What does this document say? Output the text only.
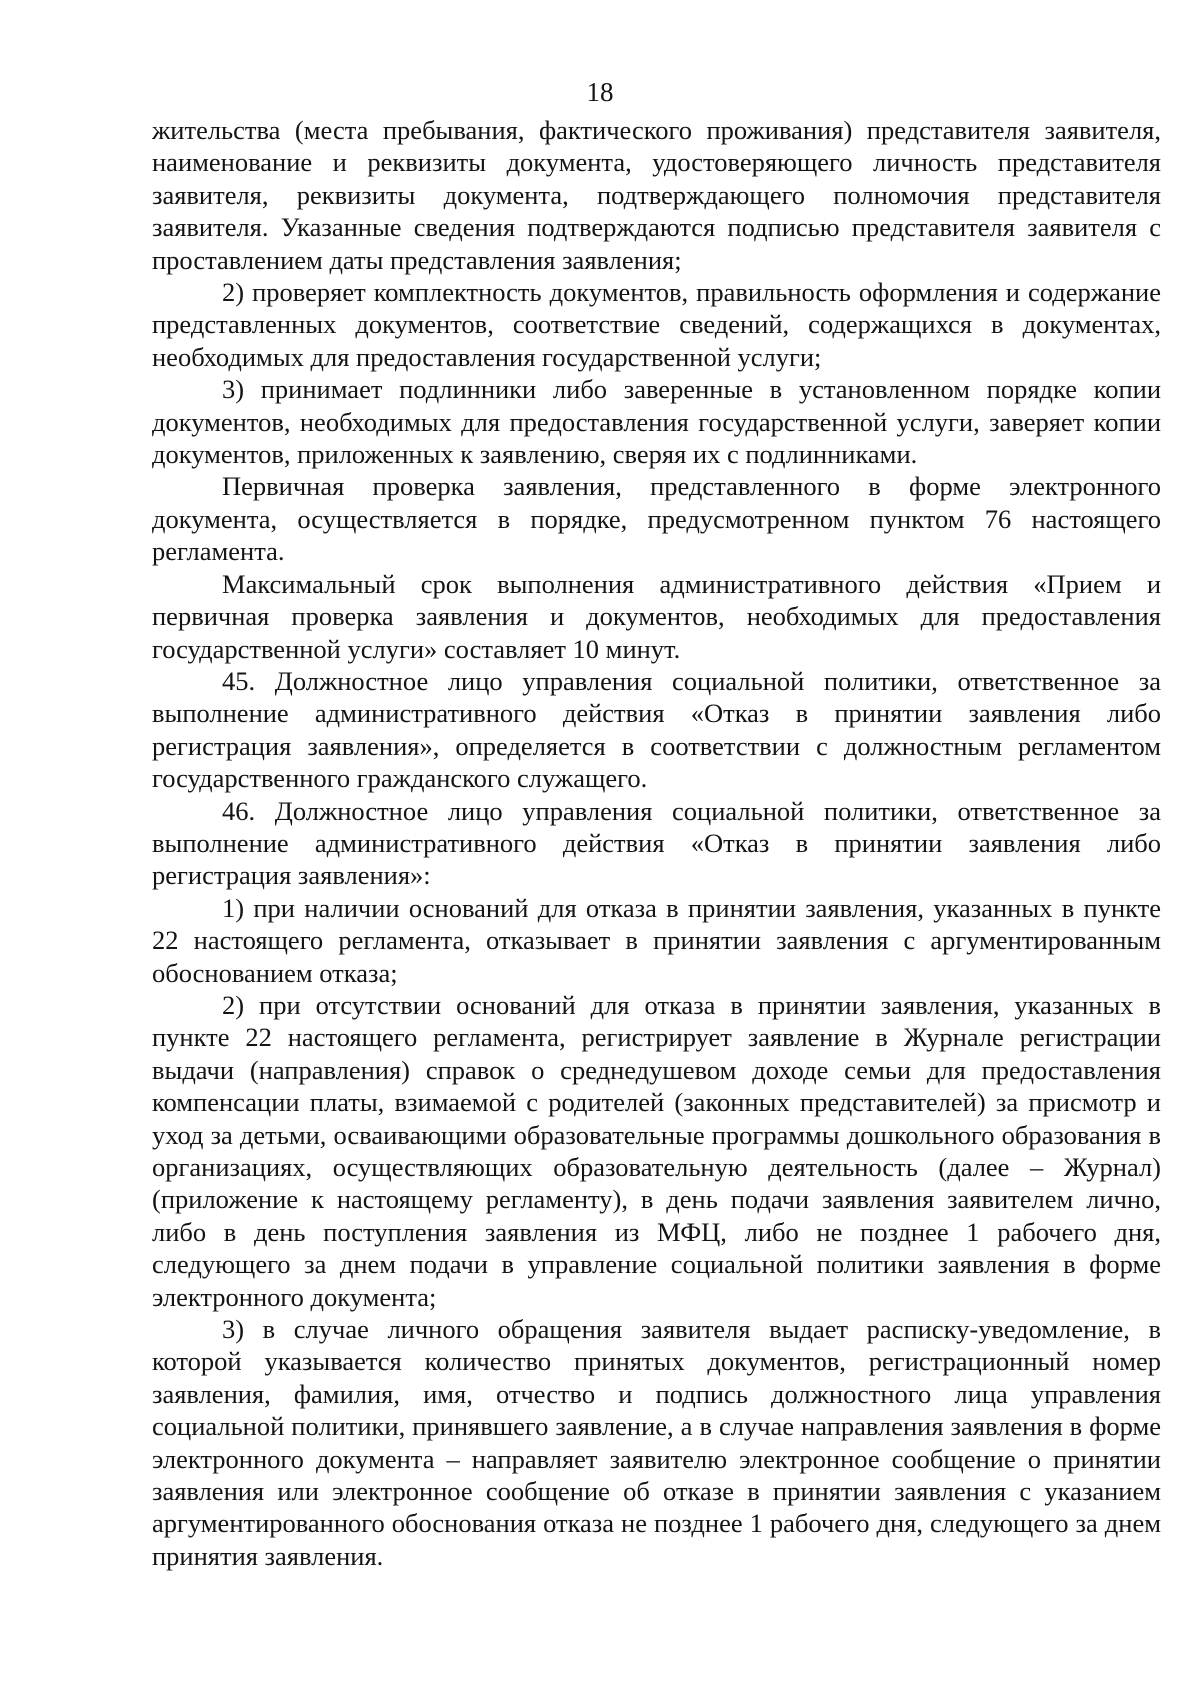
18

жительства (места пребывания, фактического проживания) представителя заявителя, наименование и реквизиты документа, удостоверяющего личность представителя заявителя, реквизиты документа, подтверждающего полномочия представителя заявителя. Указанные сведения подтверждаются подписью представителя заявителя с проставлением даты представления заявления;

2) проверяет комплектность документов, правильность оформления и содержание представленных документов, соответствие сведений, содержащихся в документах, необходимых для предоставления государственной услуги;

3) принимает подлинники либо заверенные в установленном порядке копии документов, необходимых для предоставления государственной услуги, заверяет копии документов, приложенных к заявлению, сверяя их с подлинниками.

Первичная проверка заявления, представленного в форме электронного документа, осуществляется в порядке, предусмотренном пунктом 76 настоящего регламента.

Максимальный срок выполнения административного действия «Прием и первичная проверка заявления и документов, необходимых для предоставления государственной услуги» составляет 10 минут.

45. Должностное лицо управления социальной политики, ответственное за выполнение административного действия «Отказ в принятии заявления либо регистрация заявления», определяется в соответствии с должностным регламентом государственного гражданского служащего.

46. Должностное лицо управления социальной политики, ответственное за выполнение административного действия «Отказ в принятии заявления либо регистрация заявления»:

1) при наличии оснований для отказа в принятии заявления, указанных в пункте 22 настоящего регламента, отказывает в принятии заявления с аргументированным обоснованием отказа;

2) при отсутствии оснований для отказа в принятии заявления, указанных в пункте 22 настоящего регламента, регистрирует заявление в Журнале регистрации выдачи (направления) справок о среднедушевом доходе семьи для предоставления компенсации платы, взимаемой с родителей (законных представителей) за присмотр и уход за детьми, осваивающими образовательные программы дошкольного образования в организациях, осуществляющих образовательную деятельность (далее – Журнал) (приложение к настоящему регламенту), в день подачи заявления заявителем лично, либо в день поступления заявления из МФЦ, либо не позднее 1 рабочего дня, следующего за днем подачи в управление социальной политики заявления в форме электронного документа;

3) в случае личного обращения заявителя выдает расписку-уведомление, в которой указывается количество принятых документов, регистрационный номер заявления, фамилия, имя, отчество и подпись должностного лица управления социальной политики, принявшего заявление, а в случае направления заявления в форме электронного документа – направляет заявителю электронное сообщение о принятии заявления или электронное сообщение об отказе в принятии заявления с указанием аргументированного обоснования отказа не позднее 1 рабочего дня, следующего за днем принятия заявления.
